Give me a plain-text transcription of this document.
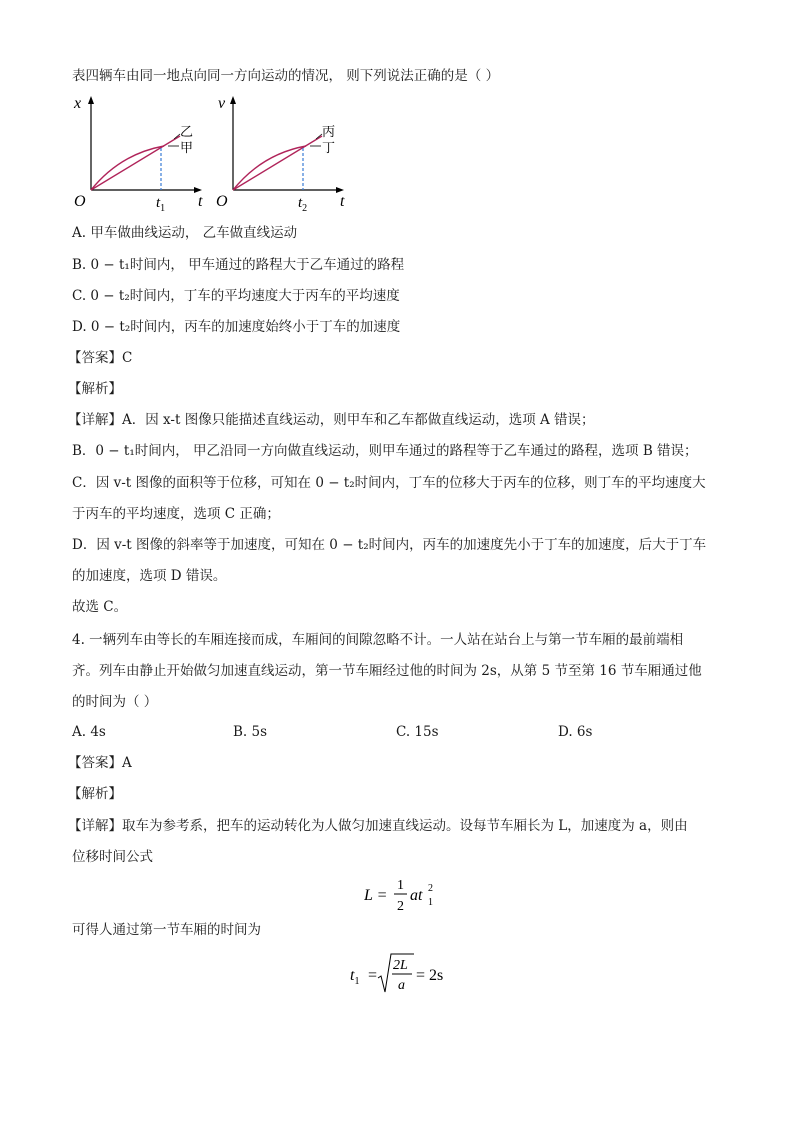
表四辆车由同一地点向同一方向运动的情况， 则下列说法正确的是（ ）
x
O	t
$t_1$
乙
甲
v
O	t
$t_2$
丙
丁
A. 甲车做曲线运动， 乙车做直线运动
B. 0 − t₁时间内， 甲车通过的路程大于乙车通过的路程
C. 0 − t₂时间内，丁车的平均速度大于丙车的平均速度
D. 0 − t₂时间内，丙车的加速度始终小于丁车的加速度
【答案】C
【解析】
【详解】A．因 x-t 图像只能描述直线运动，则甲车和乙车都做直线运动，选项 A 错误；
B．0 − t₁时间内， 甲乙沿同一方向做直线运动，则甲车通过的路程等于乙车通过的路程，选项 B 错误；
C．因 v-t 图像的面积等于位移，可知在 0 − t₂时间内，丁车的位移大于丙车的位移，则丁车的平均速度大
于丙车的平均速度，选项 C 正确；
D．因 v-t 图像的斜率等于加速度，可知在 0 − t₂时间内，丙车的加速度先小于丁车的加速度，后大于丁车
的加速度，选项 D 错误。
故选 C。
4. 一辆列车由等长的车厢连接而成，车厢间的间隙忽略不计。一人站在站台上与第一节车厢的最前端相
齐。列车由静止开始做匀加速直线运动，第一节车厢经过他的时间为 2s，从第 5 节至第 16 节车厢通过他
的时间为（ ）
A. 4s	B. 5s	C. 15s	D. 6s
【答案】A
【解析】
【详解】取车为参考系，把车的运动转化为人做匀加速直线运动。设每节车厢长为 L，加速度为 a，则由
位移时间公式
L =
1
2
at 2
1
可得人通过第一节车厢的时间为
$t_1$ =
2L
a
= 2s
